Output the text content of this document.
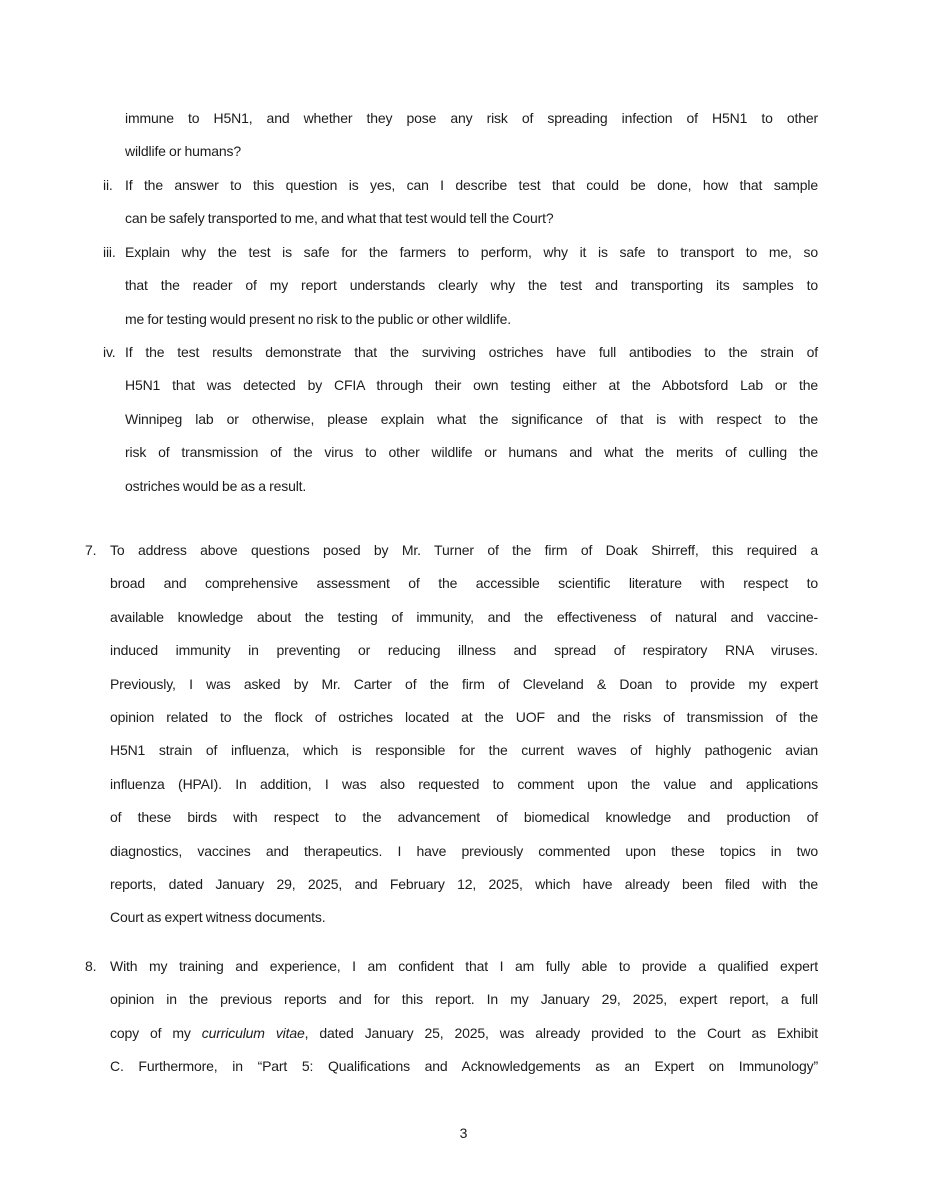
immune to H5N1, and whether they pose any risk of spreading infection of H5N1 to other
wildlife or humans?
ii. If the answer to this question is yes, can I describe test that could be done, how that sample
can be safely transported to me, and what that test would tell the Court?
iii. Explain why the test is safe for the farmers to perform, why it is safe to transport to me, so
that the reader of my report understands clearly why the test and transporting its samples to
me for testing would present no risk to the public or other wildlife.
iv. If the test results demonstrate that the surviving ostriches have full antibodies to the strain of
H5N1 that was detected by CFIA through their own testing either at the Abbotsford Lab or the
Winnipeg lab or otherwise, please explain what the significance of that is with respect to the
risk of transmission of the virus to other wildlife or humans and what the merits of culling the
ostriches would be as a result.
7. To address above questions posed by Mr. Turner of the firm of Doak Shirreff, this required a
broad and comprehensive assessment of the accessible scientific literature with respect to
available knowledge about the testing of immunity, and the effectiveness of natural and vaccine-
induced immunity in preventing or reducing illness and spread of respiratory RNA viruses.
Previously, I was asked by Mr. Carter of the firm of Cleveland & Doan to provide my expert
opinion related to the flock of ostriches located at the UOF and the risks of transmission of the
H5N1 strain of influenza, which is responsible for the current waves of highly pathogenic avian
influenza (HPAI). In addition, I was also requested to comment upon the value and applications
of these birds with respect to the advancement of biomedical knowledge and production of
diagnostics, vaccines and therapeutics. I have previously commented upon these topics in two
reports, dated January 29, 2025, and February 12, 2025, which have already been filed with the
Court as expert witness documents.
8. With my training and experience, I am confident that I am fully able to provide a qualified expert
opinion in the previous reports and for this report. In my January 29, 2025, expert report, a full
copy of my curriculum vitae, dated January 25, 2025, was already provided to the Court as Exhibit
C. Furthermore, in “Part 5: Qualifications and Acknowledgements as an Expert on Immunology”
3
